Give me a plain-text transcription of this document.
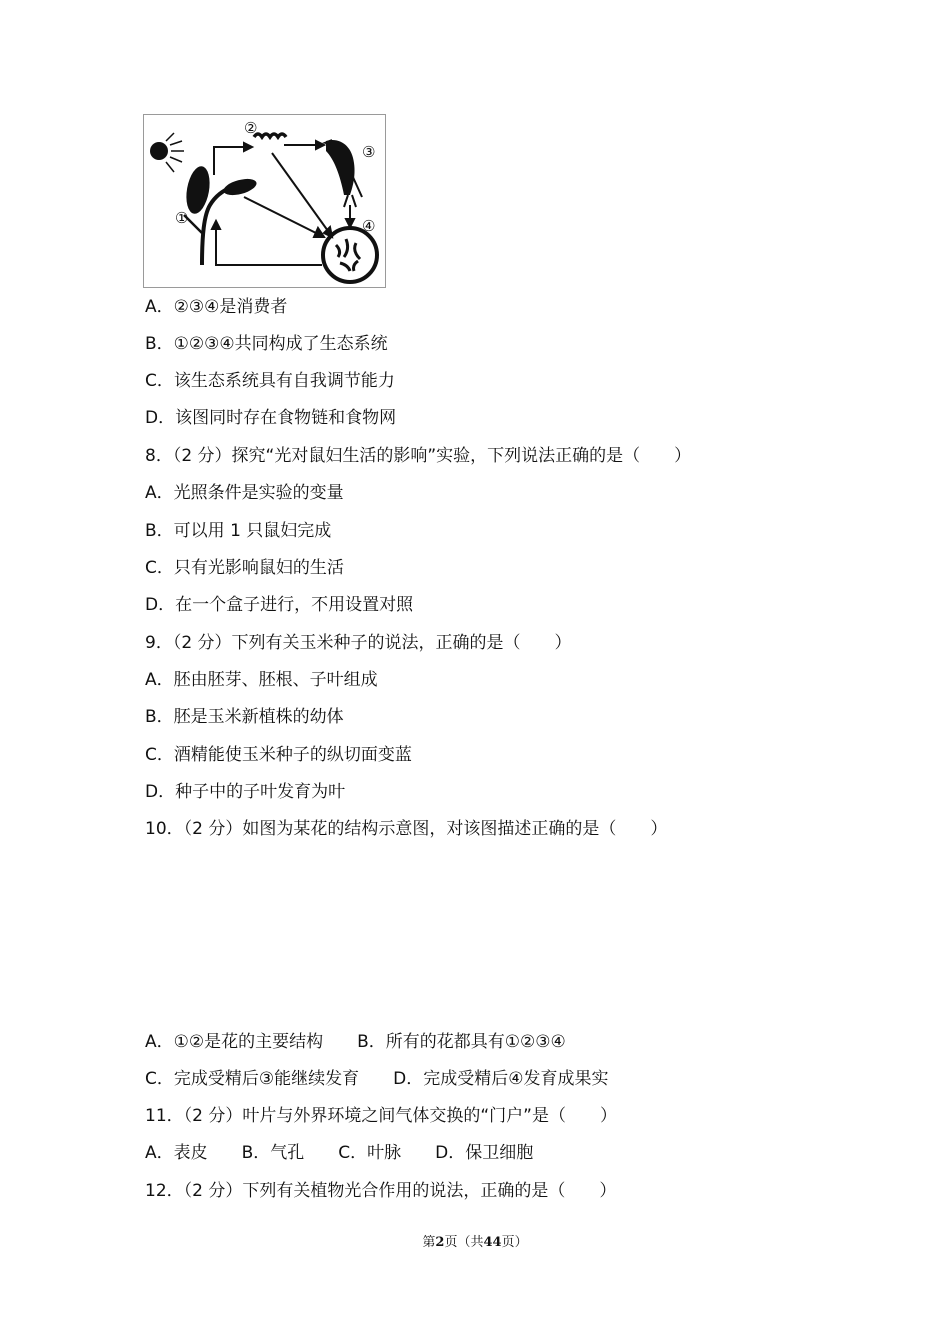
①
②
③
④
A．②③④是消费者
B．①②③④共同构成了生态系统
C．该生态系统具有自我调节能力
D．该图同时存在食物链和食物网
8．（2 分）探究“光对鼠妇生活的影响”实验，下列说法正确的是（　　）
A．光照条件是实验的变量
B．可以用 1 只鼠妇完成
C．只有光影响鼠妇的生活
D．在一个盒子进行，不用设置对照
9．（2 分）下列有关玉米种子的说法，正确的是（　　）
A．胚由胚芽、胚根、子叶组成
B．胚是玉米新植株的幼体
C．酒精能使玉米种子的纵切面变蓝
D．种子中的子叶发育为叶
10．（2 分）如图为某花的结构示意图，对该图描述正确的是（　　）
A．①②是花的主要结构　　B．所有的花都具有①②③④
C．完成受精后③能继续发育　　D．完成受精后④发育成果实
11．（2 分）叶片与外界环境之间气体交换的“门户”是（　　）
A．表皮　　B．气孔　　C．叶脉　　D．保卫细胞
12．（2 分）下列有关植物光合作用的说法，正确的是（　　）
第2页（共44页）
